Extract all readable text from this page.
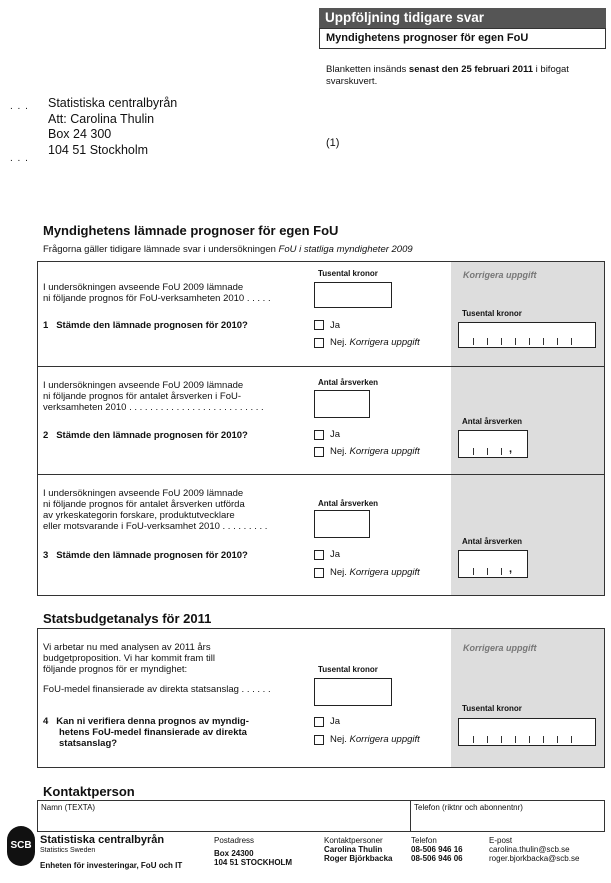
Uppföljning tidigare svar
Myndighetens prognoser för egen FoU
Blanketten insänds senast den 25 februari 2011 i bifogat svarskuvert.
. . . Statistiska centralbyrån
Att: Carolina Thulin
Box 24 300
104 51 Stockholm
. . .
(1)
Myndighetens lämnade prognoser för egen FoU
Frågorna gäller tidigare lämnade svar i undersökningen FoU i statliga myndigheter 2009
I undersökningen avseende FoU 2009 lämnade
ni följande prognos för FoU-verksamheten 2010 . . . . .
Tusental kronor
1 Stämde den lämnade prognosen för 2010?	Ja
Nej. Korrigera uppgift
Korrigera uppgift
Tusental kronor
I undersökningen avseende FoU 2009 lämnade
ni följande prognos för antalet årsverken i FoU-
verksamheten 2010 . . . . . . . . . . . . . . . . . . . . . . . . . .
Antal årsverken
2 Stämde den lämnade prognosen för 2010?	Ja
Nej. Korrigera uppgift
Antal årsverken
,
I undersökningen avseende FoU 2009 lämnade
ni följande prognos för antalet årsverken utförda
av yrkeskategorin forskare, produktutvecklare
eller motsvarande i FoU-verksamhet 2010 . . . . . . . . .
Antal årsverken
3 Stämde den lämnade prognosen för 2010?	Ja
Nej. Korrigera uppgift
Antal årsverken
,
Statsbudgetanalys för 2011
Vi arbetar nu med analysen av 2011 års
budgetproposition. Vi har kommit fram till
följande prognos för er myndighet:
FoU-medel finansierade av direkta statsanslag . . . . . .
Tusental kronor
4 Kan ni verifiera denna prognos av myndig-
hetens FoU-medel finansierade av direkta
statsanslag?
Ja
Nej. Korrigera uppgift
Korrigera uppgift
Tusental kronor
Kontaktperson
Namn (TEXTA)	Telefon (riktnr och abonnentnr)
SCB Statistiska centralbyrån
Statistics Sweden
Enheten för investeringar, FoU och IT
Postadress
Box 24300
104 51 STOCKHOLM
Kontaktpersoner
Carolina Thulin
Roger Björkbacka
Telefon
08-506 946 16
08-506 946 06
E-post
carolina.thulin@scb.se
roger.bjorkbacka@scb.se
